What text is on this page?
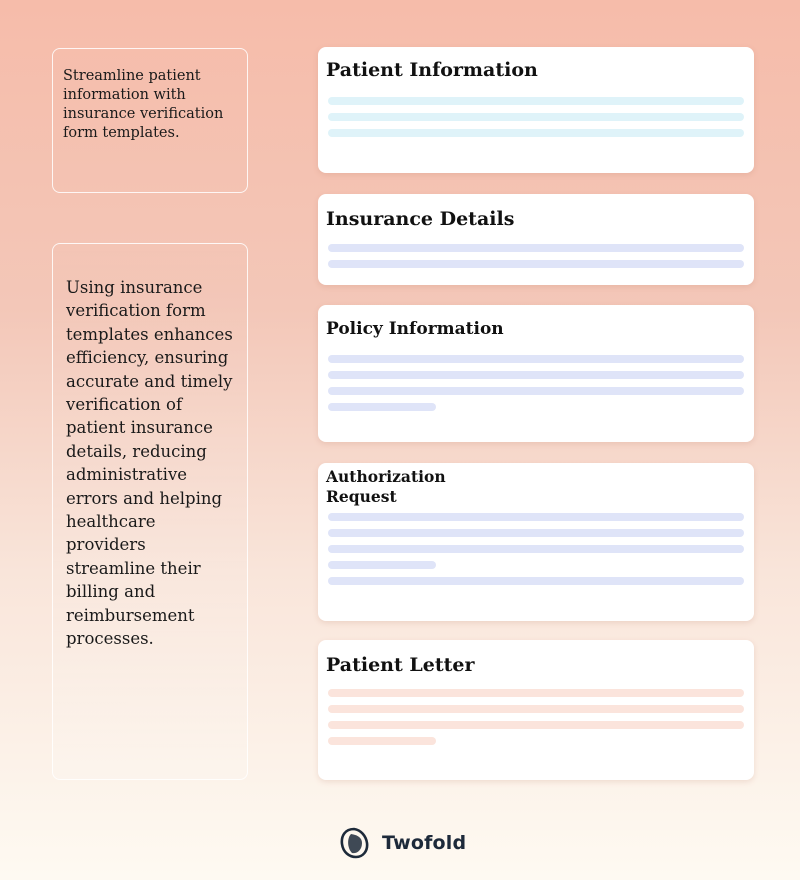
Streamline patient information with insurance verification form templates.
Using insurance verification form templates enhances efficiency, ensuring accurate and timely verification of patient insurance details, reducing administrative errors and helping healthcare providers streamline their billing and reimbursement processes.
Patient Information
Insurance Details
Policy Information
Authorization
Request
Patient Letter
Twofold
